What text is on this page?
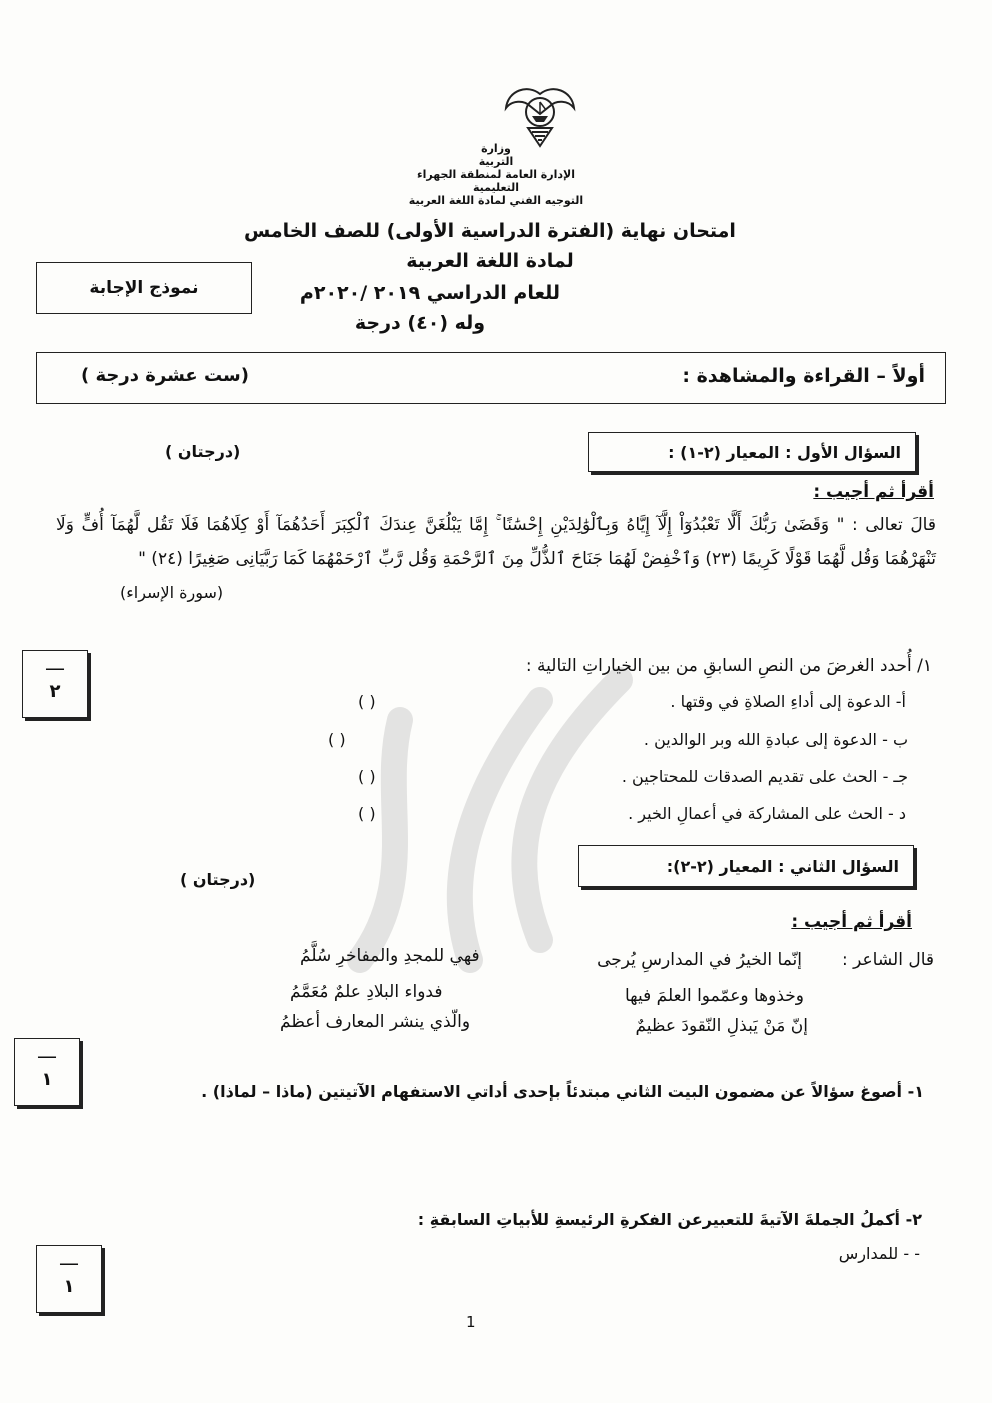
وزارة
التربية
الإدارة العامة لمنطقة الجهراء التعليمية
التوجيه الفني لمادة اللغة العربية
امتحان نهاية (الفترة الدراسية الأولى) للصف الخامس
لمادة اللغة العربية
للعام الدراسي ٢٠١٩ /٢٠٢٠م
وله (٤٠) درجة
نموذج الإجابة
أولاً – القراءة والمشاهدة :
(ست عشرة درجة )
السؤال الأول : المعيار (٢-١) :
(درجتان )
أقرأ ثم أجيب :
قالَ تعالى : " وَقَضَىٰ رَبُّكَ أَلَّا تَعْبُدُوٓاْ إِلَّآ إِيَّاهُ وَبِٱلْوَٰلِدَيْنِ إِحْسَٰنًا ۚ إِمَّا يَبْلُغَنَّ عِندَكَ ٱلْكِبَرَ أَحَدُهُمَآ أَوْ كِلَاهُمَا فَلَا تَقُل لَّهُمَآ أُفٍّ وَلَا تَنْهَرْهُمَا وَقُل لَّهُمَا قَوْلًا كَرِيمًا (٢٣) وَٱخْفِضْ لَهُمَا جَنَاحَ ٱلذُّلِّ مِنَ ٱلرَّحْمَةِ وَقُل رَّبِّ ٱرْحَمْهُمَا كَمَا رَبَّيَانِى صَغِيرًا (٢٤) "
(سورة الإسراء)
—
٢
١/ أُحدد الغرضَ من النصِ السابقِ من بين الخياراتِ التالية :
أ- الدعوة إلى أداءِ الصلاةِ في وقتها .
( )
ب - الدعوة إلى عبادةِ الله وبر الوالدين .
( )
جـ - الحث على تقديم الصدقات للمحتاجين .
( )
د - الحث على المشاركة في أعمالِ الخير .
( )
السؤال الثاني : المعيار (٢-٢):
(درجتان )
أقرأ ثم أجيب :
قال الشاعر :
إنّما الخيرُ في المدارسِ يُرجى
فهي للمجدِ والمفاخرِ سُلَّمُ
وخذوها وعمّموا العلمَ فيها
فدواء البلادِ علمٌ مُعَمَّمُ
إنّ مَنْ يَبذلِ النّقودَ عظيمٌ
والّذي ينشر المعارف أعظمُ
—
١
١- أصوغ سؤالاً عن مضمون البيت الثاني مبتدئاً بإحدى أداتي الاستفهام الآتيتين (ماذا – لماذا) .
٢- أكملُ الجملةَ الآتيةَ للتعبيرعن الفكرةِ الرئيسةِ للأبياتِ السابقةِ :
- - للمدارس
—
١
1
